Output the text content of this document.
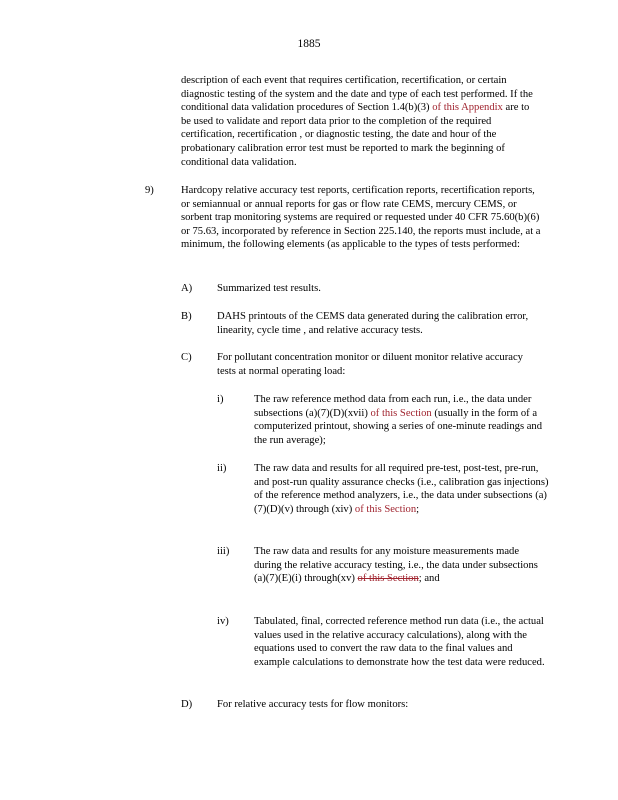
1885
description of each event that requires certification, recertification, or certain diagnostic testing of the system and the date and type of each test performed. If the conditional data validation procedures of Section 1.4(b)(3) of this Appendix are to be used to validate and report data prior to the completion of the required certification, recertification , or diagnostic testing, the date and hour of the probationary calibration error test must be reported to mark the beginning of conditional data validation.
9)	Hardcopy relative accuracy test reports, certification reports, recertification reports, or semiannual or annual reports for gas or flow rate CEMS, mercury CEMS, or sorbent trap monitoring systems are required or requested under 40 CFR 75.60(b)(6) or 75.63, incorporated by reference in Section 225.140, the reports must include, at a minimum, the following elements (as applicable to the types of tests performed:
A) Summarized test results.
B) DAHS printouts of the CEMS data generated during the calibration error, linearity, cycle time , and relative accuracy tests.
C) For pollutant concentration monitor or diluent monitor relative accuracy tests at normal operating load:
i)	The raw reference method data from each run, i.e., the data under subsections (a)(7)(D)(xvii) of this Section (usually in the form of a computerized printout, showing a series of one-minute readings and the run average);
ii)	The raw data and results for all required pre-test, post-test, pre-run, and post-run quality assurance checks (i.e., calibration gas injections) of the reference method analyzers, i.e., the data under subsections (a)(7)(D)(v) through (xiv) of this Section;
iii) The raw data and results for any moisture measurements made during the relative accuracy testing, i.e., the data under subsections (a)(7)(E)(i) through(xv) of this Section; and
iv) Tabulated, final, corrected reference method run data (i.e., the actual values used in the relative accuracy calculations), along with the equations used to convert the raw data to the final values and example calculations to demonstrate how the test data were reduced.
D) For relative accuracy tests for flow monitors:
